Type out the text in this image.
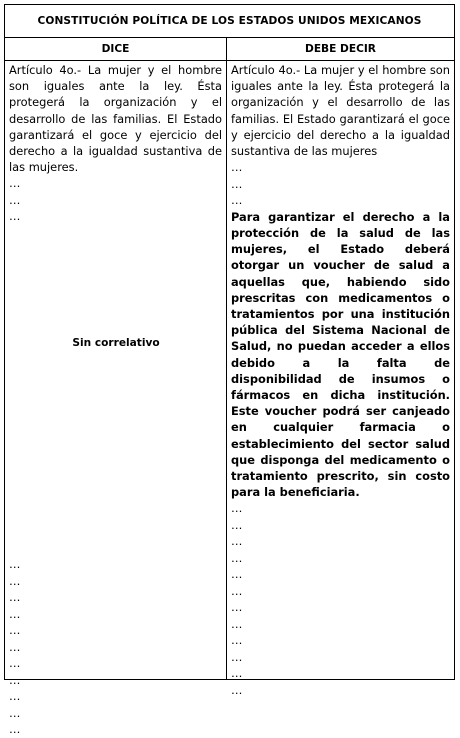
CONSTITUCIÓN POLÍTICA DE LOS ESTADOS UNIDOS MEXICANOS
DICE	DEBE DECIR
Artículo 4o.- La mujer y el hombre son iguales ante la ley. Ésta protegerá la organización y el desarrollo de las familias. El Estado garantizará el goce y ejercicio del derecho a la igualdad sustantiva de las mujeres.
…
…
…
Sin correlativo
…
…
…
…
…
…
…
…
…
…
…
Artículo 4o.- La mujer y el hombre son iguales ante la ley. Ésta protegerá la organización y el desarrollo de las familias. El Estado garantizará el goce y ejercicio del derecho a la igualdad sustantiva de las mujeres
…
…
…
Para garantizar el derecho a la protección de la salud de las mujeres, el Estado deberá otorgar un voucher de salud a aquellas que, habiendo sido prescritas con medicamentos o tratamientos por una institución pública del Sistema Nacional de Salud, no puedan acceder a ellos debido a la falta de disponibilidad de insumos o fármacos en dicha institución. Este voucher podrá ser canjeado en cualquier farmacia o establecimiento del sector salud que disponga del medicamento o tratamiento prescrito, sin costo para la beneficiaria.
…
…
…
…
…
…
…
…
…
…
…
…
